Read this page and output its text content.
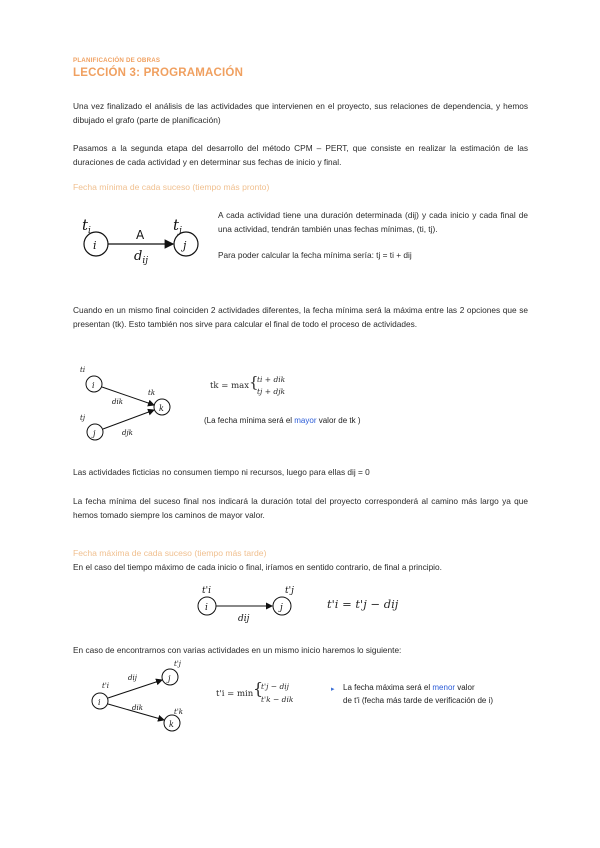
PLANIFICACIÓN DE OBRAS
LECCIÓN 3: PROGRAMACIÓN
Una vez finalizado el análisis de las actividades que intervienen en el proyecto, sus relaciones de dependencia, y hemos dibujado el grafo (parte de planificación)
Pasamos a la segunda etapa del desarrollo del método CPM – PERT, que consiste en realizar la estimación de las duraciones de cada actividad y en determinar sus fechas de inicio y final.
Fecha mínima de cada suceso (tiempo más pronto)
i	j
$t_i$	$t_j$
A
$d_{ij}$
A cada actividad tiene una duración determinada (dij) y cada inicio y cada final de una actividad, tendrán también unas fechas mínimas, (ti, tj).
Para poder calcular la fecha mínima sería: tj = ti + dij
Cuando en un mismo final coinciden 2 actividades diferentes, la fecha mínima será la máxima entre las 2 opciones que se presentan (tk). Esto también nos sirve para calcular el final de todo el proceso de actividades.
i
j
k
ti
tj
tk
dik
djk
tk = max {
ti + dik
tj + djk
(La fecha mínima será el mayor valor de tk )
Las actividades ficticias no consumen tiempo ni recursos, luego para ellas dij = 0
La fecha mínima del suceso final nos indicará la duración total del proyecto corresponderá al camino más largo ya que hemos tomado siempre los caminos de mayor valor.
Fecha máxima de cada suceso (tiempo más tarde)
En el caso del tiempo máximo de cada inicio o final, iríamos en sentido contrario, de final a principio.
i	j
t'i	t'j
dij
t'i = t'j − dij
En caso de encontrarnos con varias actividades en un mismo inicio haremos lo siguiente:
i
j
k
t'i
t'j
t'k
dij
dik
t'i = min {
t'j − dij
t'k − dik
▸ La fecha máxima será el menor valor
de t'i (fecha más tarde de verificación de i)
